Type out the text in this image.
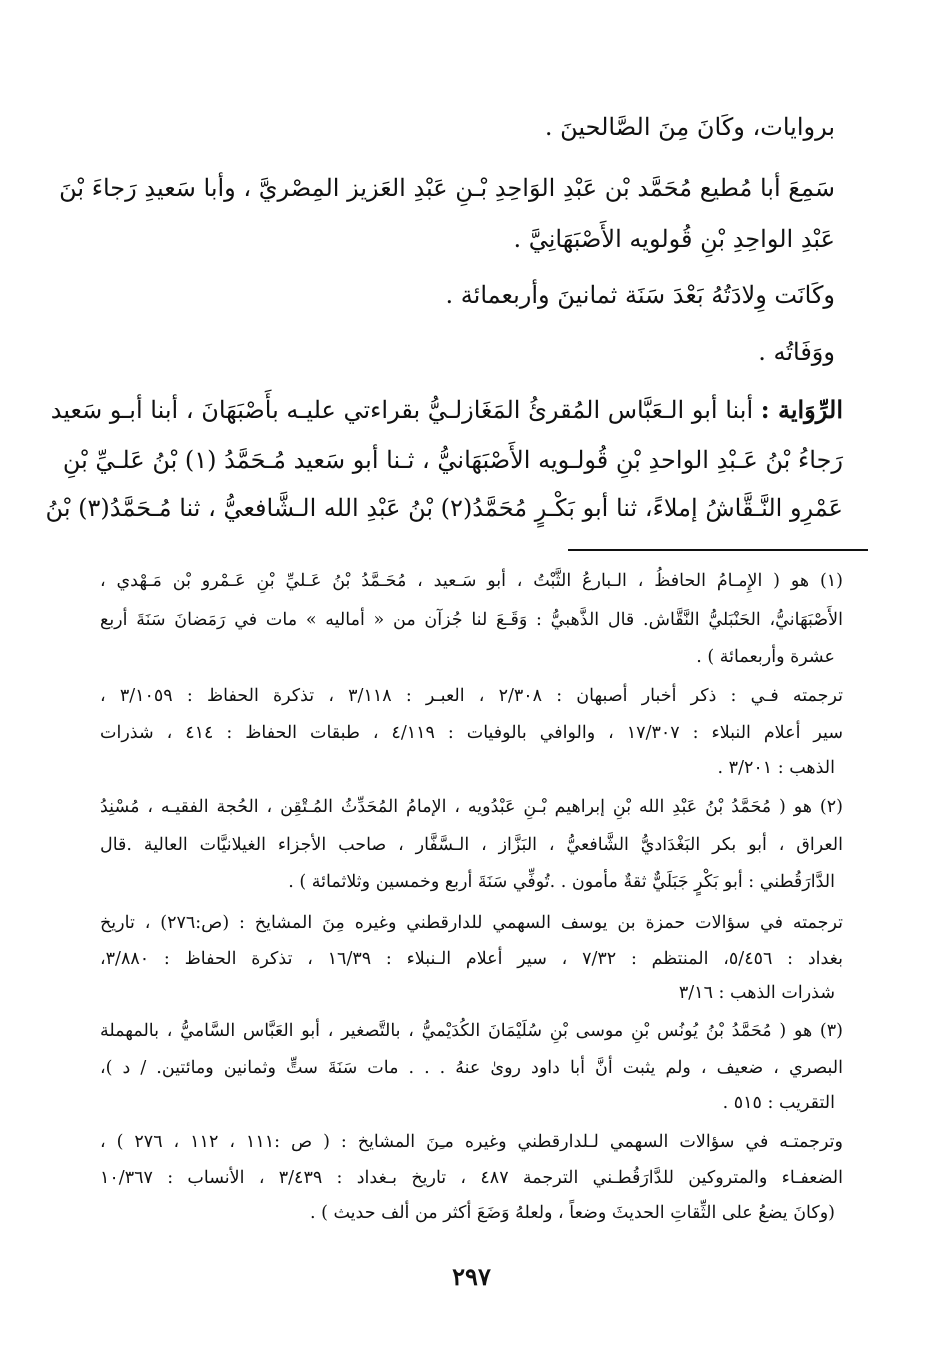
بروايات، وكَانَ مِنَ الصَّالحينَ .
سَمِعَ أبا مُطيع مُحَمَّد بْن عَبْدِ الوَاحِدِ بْـنِ عَبْدِ العَزيز المِصْريَّ ، وأبا سَعيدِ رَجاءَ بْنَ
عَبْدِ الواحِدِ بْنِ قُولويه الأَصْبَهَانِيَّ .
وكَانَت وِلادَتُهُ بَعْدَ سَنَة ثمانينَ وأربعمائة .
ووَفَاتُه .
الرِّوَاية : أبنا أبو الـعَبَّاس المُقرئُ المَغَازلـيُّ بقراءتي عليـه بأَصْبَهَانَ ، أبنا أبـو سَعيد
رَجاءُ بْنُ عَـبْدِ الواحدِ بْنِ قُولـويه الأَصْبَهَانيُّ ، ثـنا أبو سَعيد مُـحَمَّدُ (١) بْنُ عَلـيِّ بْنِ
عَمْرِو النَّـقَّاشُ إملاءً، ثنا أبو بَكْـرٍ مُحَمَّدُ(٢) بْنُ عَبْدِ الله الـشَّافعيُّ ، ثنا مُـحَمَّدُ(٣) بْنُ
(١) هو ( الإِمـامُ الحافظُ ، الـبارعُ الثَّبْتُ ، أبو سَـعيد ، مُحَـمَّدُ بْنُ عَـليِّ بْنِ عَـمْرو بْن مَـهْدي ،
الأَصْبَهَانيُّ، الحَنْبَليُّ النَّقَّاش. قال الذَّهبيُّ : وَقَـعَ لنا جُزآن من « أماليه » مات في رَمَضانَ سَنَةَ أربع
عشرة وأربعمائة ) .
ترجمته فـي : ذكر أخبار أصبهان : ٢/٣٠٨ ، العبـر : ٣/١١٨ ، تذكرة الحفاظ : ٣/١٠٥٩ ،
سير أعلام النبلاء : ١٧/٣٠٧ ، والوافي بالوفيات : ٤/١١٩ ، طبقات الحفاظ : ٤١٤ ، شذرات
الذهب : ٣/٢٠١ .
(٢) هو ( مُحَمَّدُ بْنُ عَبْدِ الله بْنِ إبراهيم بْـنِ عَبْدُويه ، الإمامُ المُحَدِّثُ المُـتْقِن ، الحُجة الفقيـه ، مُسْنِدُ
العراق ، أبو بكر البَغْدَاديُّ الشَّافعيُّ ، البَزَّاز ، الـسَّفَّار ، صاحب الأجزاء الغيلانيَّات العالية .قال
الدَّارَقُطني : أبو بَكْرٍ جَبَلَيٌّ ثقةٌ مأمون . .تُوفِّي سَنَةَ أربع وخمسين وثلاثمائة ) .
ترجمته في سؤالات حمزة بن يوسف السهمي للدارقطني وغيره مِنَ المشايخ : (ص:٢٧٦) ، تاريخ
بغداد : ٥/٤٥٦، المنتظم : ٧/٣٢ ، سير أعلام الـنبلاء : ١٦/٣٩ ، تذكرة الحفاظ : ٣/٨٨٠،
شذرات الذهب : ٣/١٦
(٣) هو ( مُحَمَّدُ بْنُ يُونُس بْنِ موسى بْنِ سُلَيْمَانَ الكُدَيْميُّ ، بالتَّصغير ، أبو العَبَّاس السَّاميُّ ، بالمهملة
البصري ، ضعيف ، ولم يثبت أنَّ أبا داود روىٰ عنهُ . . . مات سَنَةَ ستٍّ وثمانين ومائتين. / د )،
التقريب : ٥١٥ .
وترجمتـه في سؤالات السهمي لـلدارقطني وغيره مـِنَ المشايخ : ( ص :١١١ ، ١١٢ ، ٢٧٦ ) ،
الضعفـاء والمتروكين للدَّارَقُطـني الترجمة ٤٨٧ ، تاريخ بـغداد : ٣/٤٣٩ ، الأنساب : ١٠/٣٦٧
(وكانَ يضعُ على الثِّقاتِ الحديثَ وضعاً ، ولعلهُ وَضَعَ أكثر من ألف حديث ) .
٢٩٧
